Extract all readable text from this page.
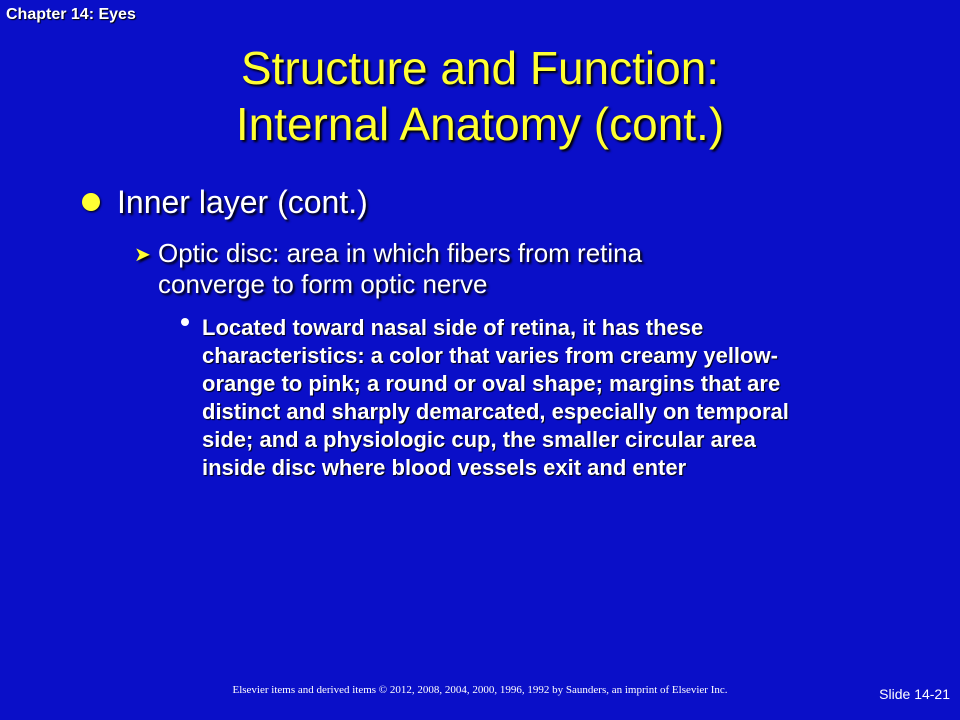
Chapter 14: Eyes
Structure and Function:
Internal Anatomy (cont.)
Inner layer (cont.)
➤ Optic disc: area in which fibers from retina
converge to form optic nerve
Located toward nasal side of retina, it has these
characteristics: a color that varies from creamy yellow-
orange to pink; a round or oval shape; margins that are
distinct and sharply demarcated, especially on temporal
side; and a physiologic cup, the smaller circular area
inside disc where blood vessels exit and enter
Elsevier items and derived items © 2012, 2008, 2004, 2000, 1996, 1992 by Saunders, an imprint of Elsevier Inc.	Slide 14-21
